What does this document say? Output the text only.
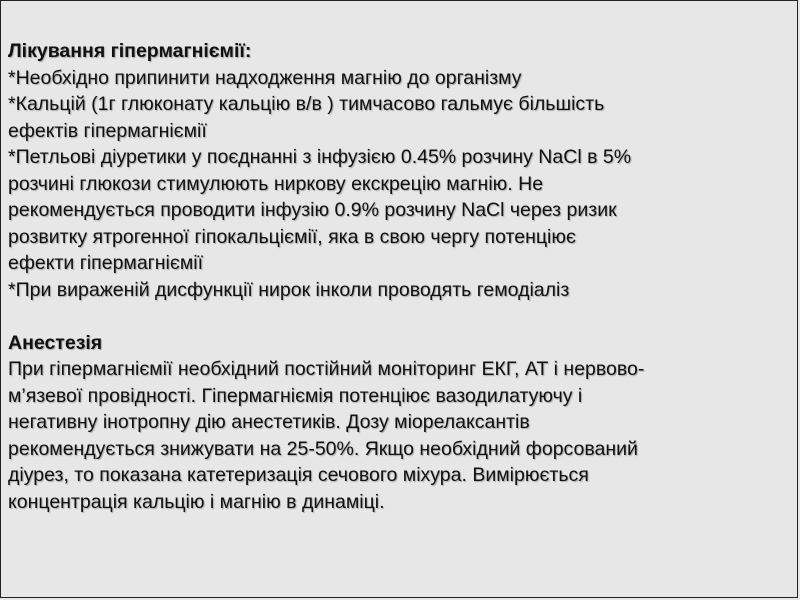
Лікування гіпермагніємії:
*Необхідно припинити надходження магнію до організму
*Кальцій (1г глюконату кальцію в/в ) тимчасово гальмує більшість
ефектів гіпермагніємії
*Петльові діуретики у поєднанні з інфузією 0.45% розчину NaCl в 5%
розчині глюкози стимулюють ниркову екскрецію магнію. Не
рекомендується проводити інфузію 0.9% розчину NaCl через ризик
розвитку ятрогенної гіпокальціємії, яка в свою чергу потенціює
ефекти гіпермагніємії
*При вираженій дисфункції нирок інколи проводять гемодіаліз
Анестезія
При гіпермагніємії необхідний постійний моніторинг ЕКГ, АТ і нервово-
м’язевої провідності. Гіпермагніємія потенціює вазодилатуючу і
негативну інотропну дію анестетиків. Дозу міорелаксантів
рекомендується знижувати на 25-50%. Якщо необхідний форсований
діурез, то показана катетеризація сечового міхура. Вимірюється
концентрація кальцію і магнію в динаміці.
